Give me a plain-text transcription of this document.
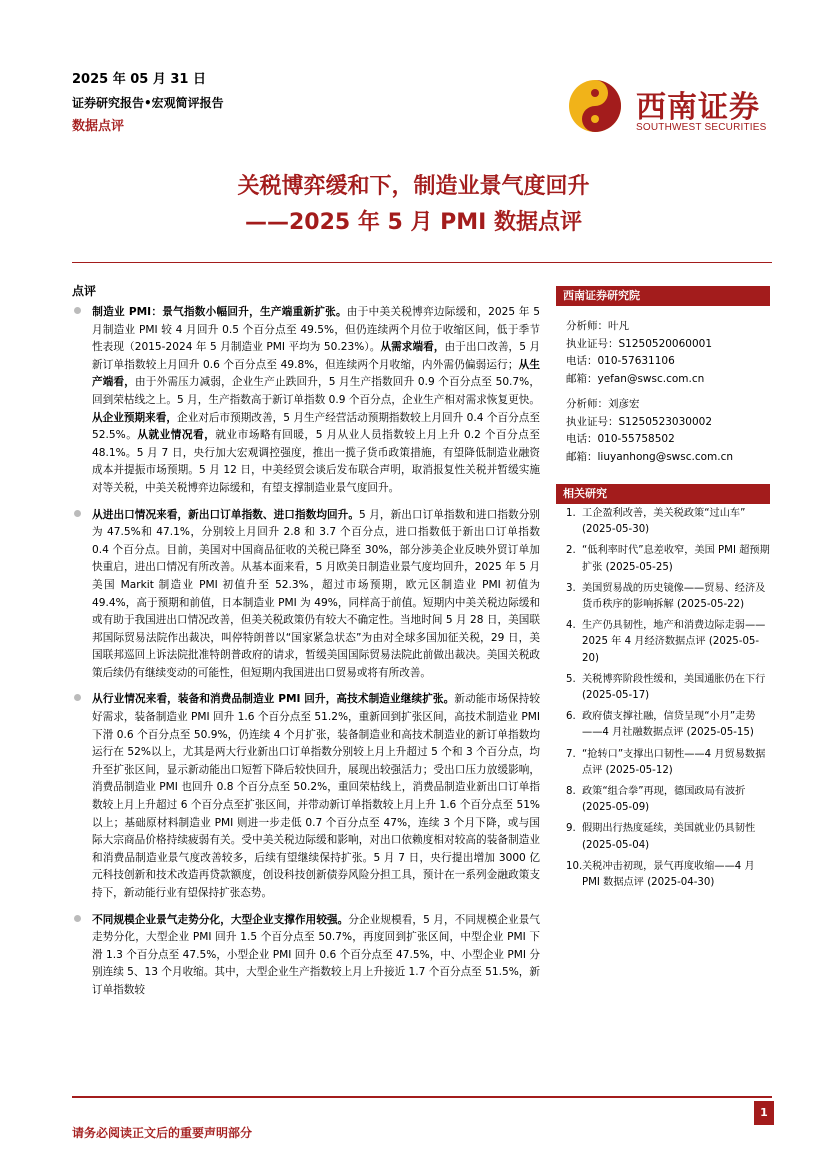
2025 年 05 月 31 日
证券研究报告•宏观简评报告
数据点评
西南证券
SOUTHWEST SECURITIES
关税博弈缓和下，制造业景气度回升
——2025 年 5 月 PMI 数据点评
点评
制造业 PMI：景气指数小幅回升，生产端重新扩张。由于中美关税博弈边际缓和，2025 年 5 月制造业 PMI 较 4 月回升 0.5 个百分点至 49.5%，但仍连续两个月位于收缩区间，低于季节性表现（2015-2024 年 5 月制造业 PMI 平均为 50.23%）。从需求端看，由于出口改善，5 月新订单指数较上月回升 0.6 个百分点至 49.8%，但连续两个月收缩，内外需仍偏弱运行；从生产端看，由于外需压力减弱，企业生产止跌回升，5 月生产指数回升 0.9 个百分点至 50.7%，回到荣枯线之上。5 月，生产指数高于新订单指数 0.9 个百分点，企业生产相对需求恢复更快。从企业预期来看，企业对后市预期改善，5 月生产经营活动预期指数较上月回升 0.4 个百分点至 52.5%。从就业情况看，就业市场略有回暖，5 月从业人员指数较上月上升 0.2 个百分点至 48.1%。5 月 7 日，央行加大宏观调控强度，推出一揽子货币政策措施，有望降低制造业融资成本并提振市场预期。5 月 12 日，中美经贸会谈后发布联合声明，取消报复性关税并暂缓实施对等关税，中美关税博弈边际缓和，有望支撑制造业景气度回升。
从进出口情况来看，新出口订单指数、进口指数均回升。5 月，新出口订单指数和进口指数分别为 47.5%和 47.1%，分别较上月回升 2.8 和 3.7 个百分点，进口指数低于新出口订单指数 0.4 个百分点。目前，美国对中国商品征收的关税已降至 30%，部分涉美企业反映外贸订单加快重启，进出口情况有所改善。从基本面来看，5 月欧美日制造业景气度均回升，2025 年 5 月美国 Markit 制造业 PMI 初值升至 52.3%，超过市场预期，欧元区制造业 PMI 初值为 49.4%，高于预期和前值，日本制造业 PMI 为 49%，同样高于前值。短期内中美关税边际缓和或有助于我国进出口情况改善，但美关税政策仍有较大不确定性。当地时间 5 月 28 日，美国联邦国际贸易法院作出裁决，叫停特朗普以“国家紧急状态”为由对全球多国加征关税，29 日，美国联邦巡回上诉法院批准特朗普政府的请求，暂缓美国国际贸易法院此前做出裁决。美国关税政策后续仍有继续变动的可能性，但短期内我国进出口贸易或将有所改善。
从行业情况来看，装备和消费品制造业 PMI 回升，高技术制造业继续扩张。新动能市场保持较好需求，装备制造业 PMI 回升 1.6 个百分点至 51.2%，重新回到扩张区间，高技术制造业 PMI 下滑 0.6 个百分点至 50.9%，仍连续 4 个月扩张，装备制造业和高技术制造业的新订单指数均运行在 52%以上，尤其是两大行业新出口订单指数分别较上月上升超过 5 个和 3 个百分点，均升至扩张区间，显示新动能出口短暂下降后较快回升，展现出较强活力；受出口压力放缓影响，消费品制造业 PMI 也回升 0.8 个百分点至 50.2%，重回荣枯线上，消费品制造业新出口订单指数较上月上升超过 6 个百分点至扩张区间，并带动新订单指数较上月上升 1.6 个百分点至 51%以上；基础原材料制造业 PMI 则进一步走低 0.7 个百分点至 47%，连续 3 个月下降，或与国际大宗商品价格持续疲弱有关。受中美关税边际缓和影响，对出口依赖度相对较高的装备制造业和消费品制造业景气度改善较多，后续有望继续保持扩张。5 月 7 日，央行提出增加 3000 亿元科技创新和技术改造再贷款额度，创设科技创新债券风险分担工具，预计在一系列金融政策支持下，新动能行业有望保持扩张态势。
不同规模企业景气走势分化，大型企业支撑作用较强。分企业规模看，5 月，不同规模企业景气走势分化，大型企业 PMI 回升 1.5 个百分点至 50.7%，再度回到扩张区间，中型企业 PMI 下滑 1.3 个百分点至 47.5%，小型企业 PMI 回升 0.6 个百分点至 47.5%，中、小型企业 PMI 分别连续 5、13 个月收缩。其中，大型企业生产指数较上月上升接近 1.7 个百分点至 51.5%，新订单指数较
西南证券研究院
分析师：叶凡
执业证号：S1250520060001
电话：010-57631106
邮箱：yefan@swsc.com.cn
分析师：刘彦宏
执业证号：S1250523030002
电话：010-55758502
邮箱：liuyanhong@swsc.com.cn
相关研究
1. 工企盈利改善，美关税政策“过山车” (2025-05-30)
2. “低利率时代”息差收窄，美国 PMI 超预期扩张 (2025-05-25)
3. 美国贸易战的历史镜像——贸易、经济及货币秩序的影响拆解 (2025-05-22)
4. 生产仍具韧性，地产和消费边际走弱——2025 年 4 月经济数据点评 (2025-05-20)
5. 关税博弈阶段性缓和，美国通胀仍在下行 (2025-05-17)
6. 政府债支撑社融，信贷呈现“小月”走势——4 月社融数据点评 (2025-05-15)
7. “抢转口”支撑出口韧性——4 月贸易数据点评 (2025-05-12)
8. 政策“组合拳”再现，德国政局有波折 (2025-05-09)
9. 假期出行热度延续，美国就业仍具韧性 (2025-05-04)
10. 关税冲击初现，景气再度收缩——4 月 PMI 数据点评 (2025-04-30)
请务必阅读正文后的重要声明部分
1
